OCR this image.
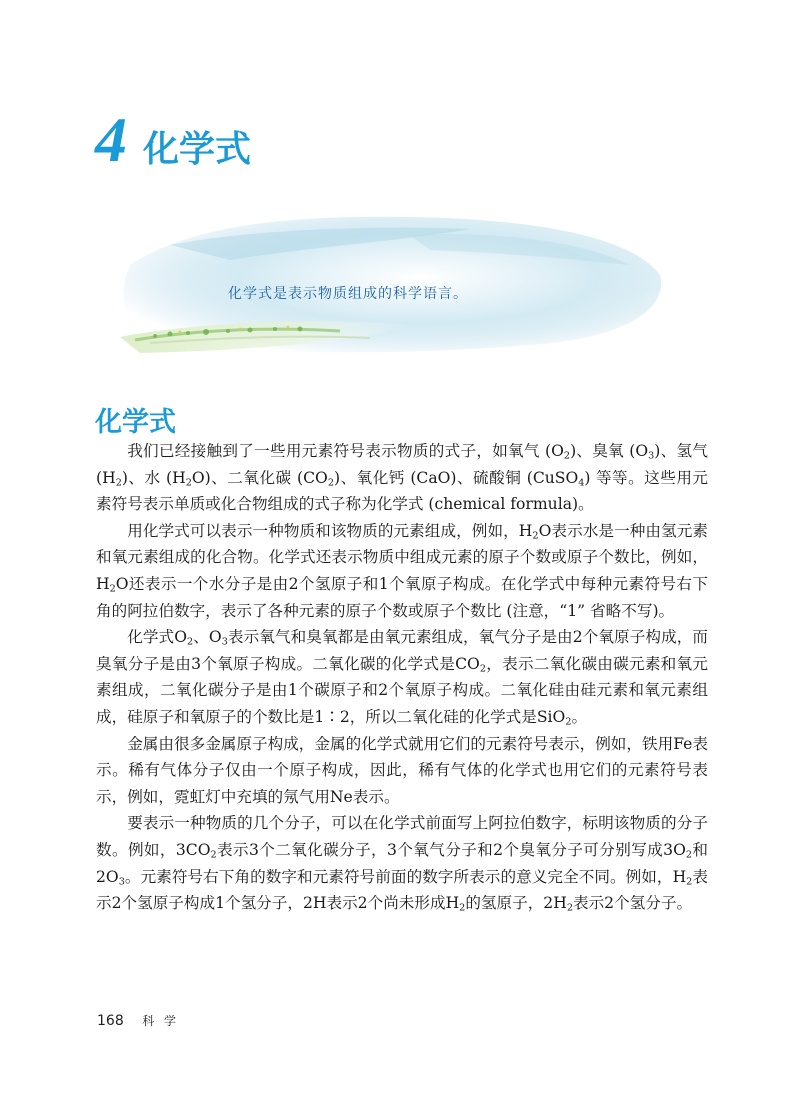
4 化学式
化学式是表示物质组成的科学语言。
化学式

我们已经接触到了一些用元素符号表示物质的式子，如氧气 $(O_2)$、臭氧 $(O_3)$、氢气 $(H_2)$、水 $(H_2O)$、二氧化碳 $(CO_2)$、氧化钙 (CaO)、硫酸铜 (CuSO$_4$) 等等。这些用元素符号表示单质或化合物组成的式子称为化学式 (chemical formula)。

用化学式可以表示一种物质和该物质的元素组成，例如，$H_2O$表示水是一种由氢元素和氧元素组成的化合物。化学式还表示物质中组成元素的原子个数或原子个数比，例如，$H_2O$还表示一个水分子是由2个氢原子和1个氧原子构成。在化学式中每种元素符号右下角的阿拉伯数字，表示了各种元素的原子个数或原子个数比 (注意，“1” 省略不写)。

化学式$O_2$、$O_3$表示氧气和臭氧都是由氧元素组成，氧气分子是由2个氧原子构成，而臭氧分子是由3个氧原子构成。二氧化碳的化学式是$CO_2$，表示二氧化碳由碳元素和氧元素组成，二氧化碳分子是由1个碳原子和2个氧原子构成。二氧化硅由硅元素和氧元素组成，硅原子和氧原子的个数比是1∶2，所以二氧化硅的化学式是SiO$_2$。

金属由很多金属原子构成，金属的化学式就用它们的元素符号表示，例如，铁用Fe表示。稀有气体分子仅由一个原子构成，因此，稀有气体的化学式也用它们的元素符号表示，例如，霓虹灯中充填的氖气用Ne表示。

要表示一种物质的几个分子，可以在化学式前面写上阿拉伯数字，标明该物质的分子数。例如，$3CO_2$表示3个二氧化碳分子，3个氧气分子和2个臭氧分子可分别写成$3O_2$和$2O_3$。元素符号右下角的数字和元素符号前面的数字所表示的意义完全不同。例如，$H_2$表示2个氢原子构成1个氢分子，2H表示2个尚未形成$H_2$的氢原子，$2H_2$表示2个氢分子。

168 科 学
